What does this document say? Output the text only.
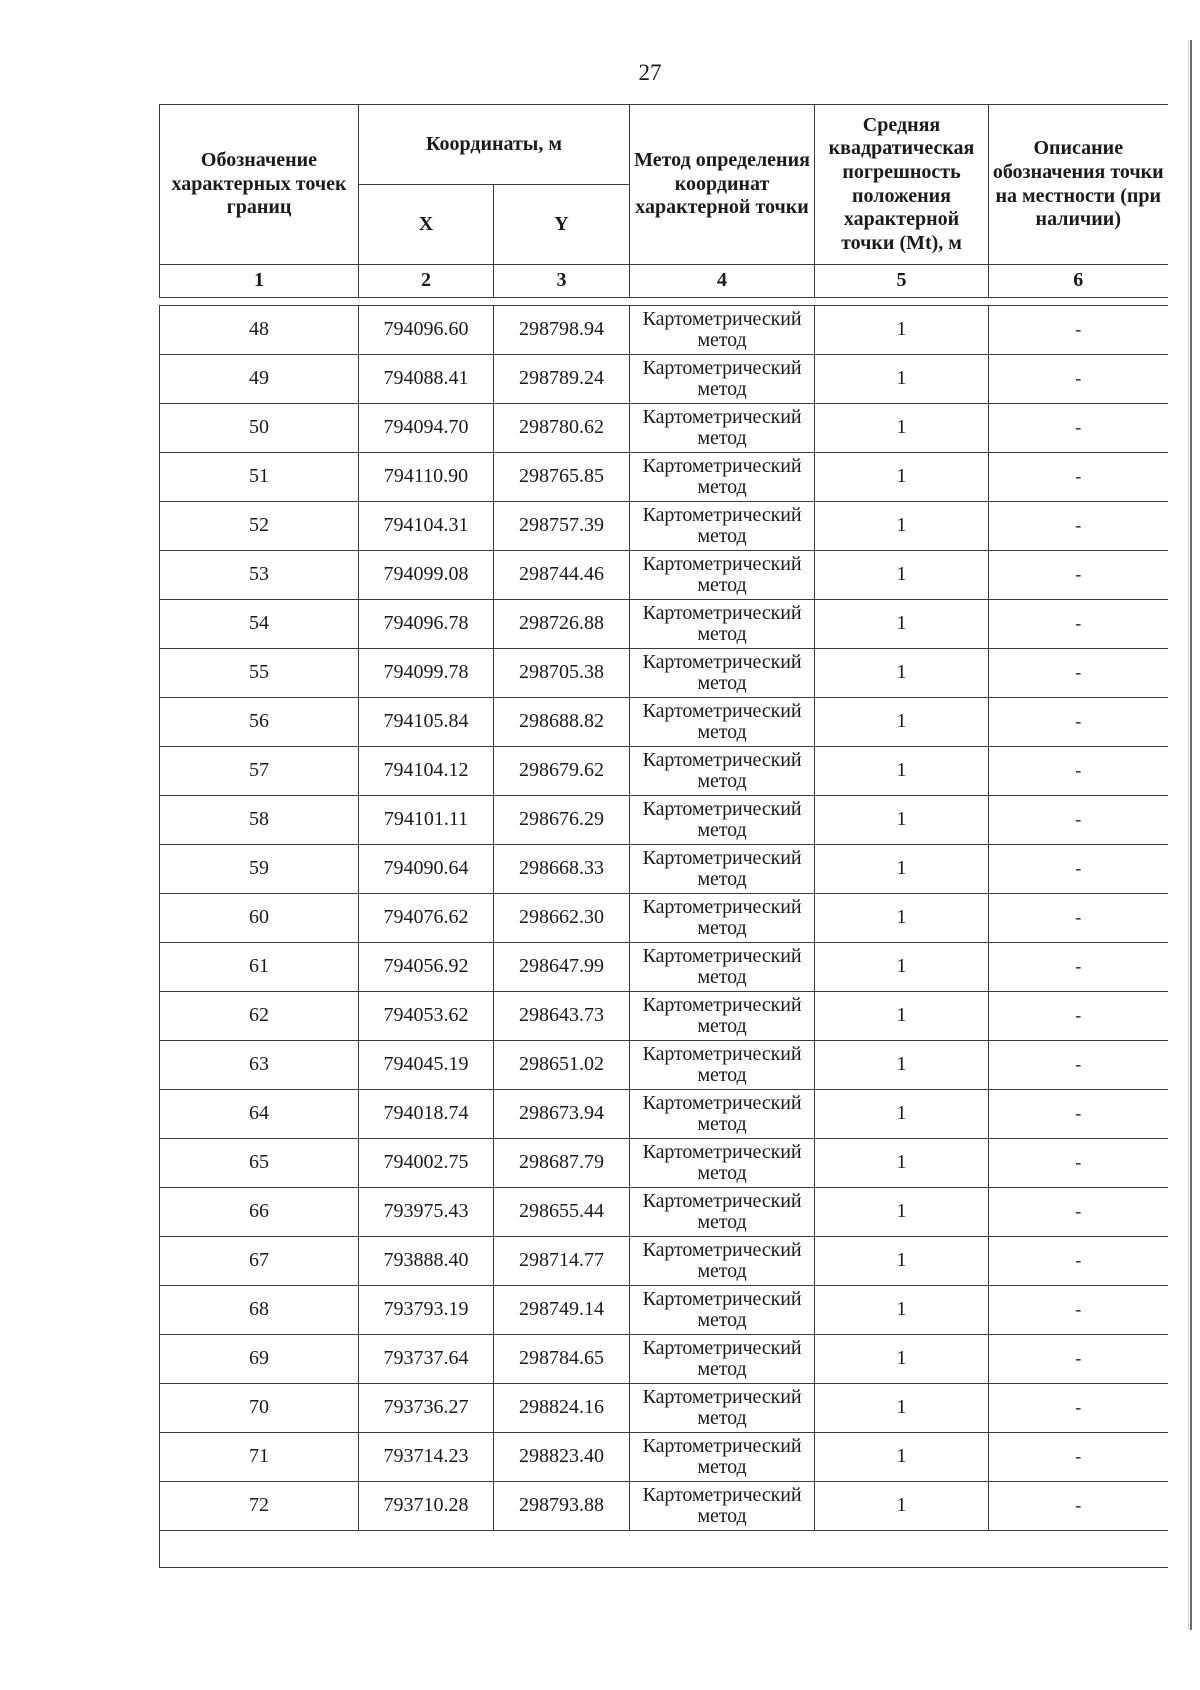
27
Обозначение характерных точек границ	Координаты, м		Метод определения координат характерной точки	Средняя квадратическая погрешность положения характерной точки (Mt), м	Описание обозначения точки на местности (при наличии)
	X	Y			
1	2	3	4	5	6

48	794096.60	298798.94	Картометрический метод	1	-
49	794088.41	298789.24	Картометрический метод	1	-
50	794094.70	298780.62	Картометрический метод	1	-
51	794110.90	298765.85	Картометрический метод	1	-
52	794104.31	298757.39	Картометрический метод	1	-
53	794099.08	298744.46	Картометрический метод	1	-
54	794096.78	298726.88	Картометрический метод	1	-
55	794099.78	298705.38	Картометрический метод	1	-
56	794105.84	298688.82	Картометрический метод	1	-
57	794104.12	298679.62	Картометрический метод	1	-
58	794101.11	298676.29	Картометрический метод	1	-
59	794090.64	298668.33	Картометрический метод	1	-
60	794076.62	298662.30	Картометрический метод	1	-
61	794056.92	298647.99	Картометрический метод	1	-
62	794053.62	298643.73	Картометрический метод	1	-
63	794045.19	298651.02	Картометрический метод	1	-
64	794018.74	298673.94	Картометрический метод	1	-
65	794002.75	298687.79	Картометрический метод	1	-
66	793975.43	298655.44	Картометрический метод	1	-
67	793888.40	298714.77	Картометрический метод	1	-
68	793793.19	298749.14	Картометрический метод	1	-
69	793737.64	298784.65	Картометрический метод	1	-
70	793736.27	298824.16	Картометрический метод	1	-
71	793714.23	298823.40	Картометрический метод	1	-
72	793710.28	298793.88	Картометрический метод	1	-
